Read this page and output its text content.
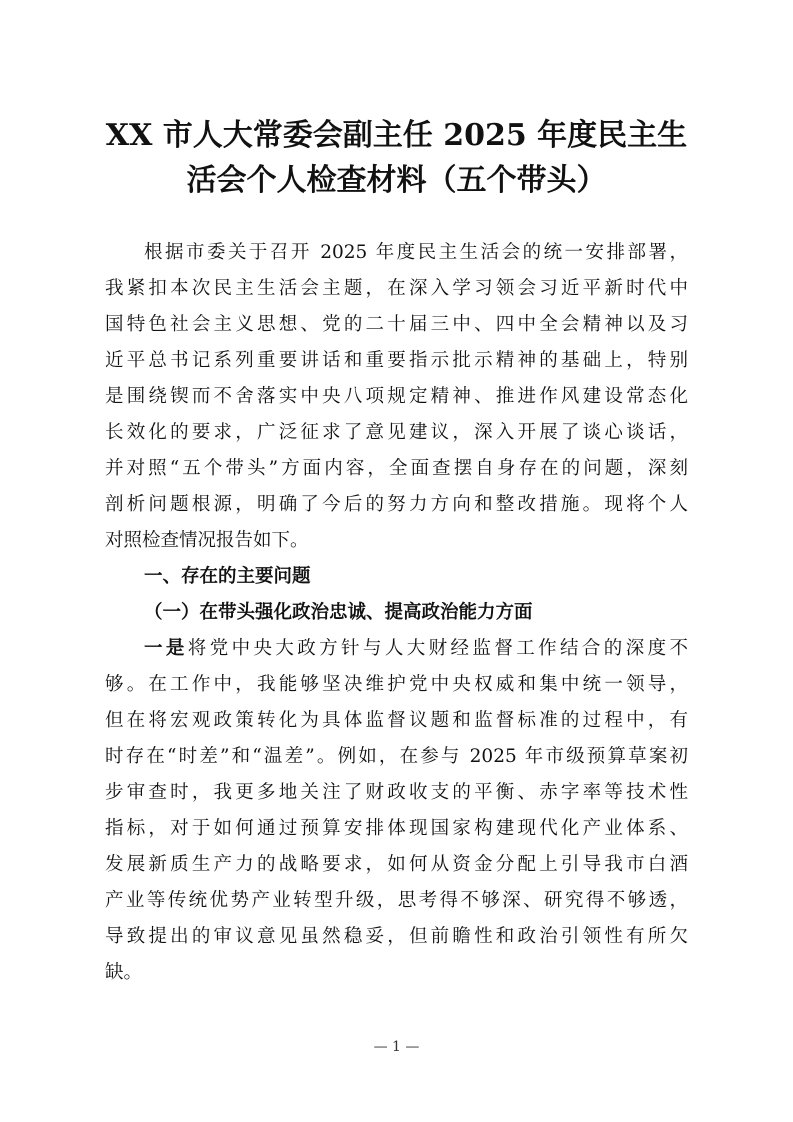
XX 市人大常委会副主任 2025 年度民主生
活会个人检查材料（五个带头）
根据市委关于召开 2025 年度民主生活会的统一安排部署，
我紧扣本次民主生活会主题，在深入学习领会习近平新时代中
国特色社会主义思想、党的二十届三中、四中全会精神以及习
近平总书记系列重要讲话和重要指示批示精神的基础上，特别
是围绕锲而不舍落实中央八项规定精神、推进作风建设常态化
长效化的要求，广泛征求了意见建议，深入开展了谈心谈话，
并对照“五个带头”方面内容，全面查摆自身存在的问题，深刻
剖析问题根源，明确了今后的努力方向和整改措施。现将个人
对照检查情况报告如下。
一、存在的主要问题
（一）在带头强化政治忠诚、提高政治能力方面
一是将党中央大政方针与人大财经监督工作结合的深度不
够。在工作中，我能够坚决维护党中央权威和集中统一领导，
但在将宏观政策转化为具体监督议题和监督标准的过程中，有
时存在“时差”和“温差”。例如，在参与 2025 年市级预算草案初
步审查时，我更多地关注了财政收支的平衡、赤字率等技术性
指标，对于如何通过预算安排体现国家构建现代化产业体系、
发展新质生产力的战略要求，如何从资金分配上引导我市白酒
产业等传统优势产业转型升级，思考得不够深、研究得不够透，
导致提出的审议意见虽然稳妥，但前瞻性和政治引领性有所欠
缺。
— 1 —
